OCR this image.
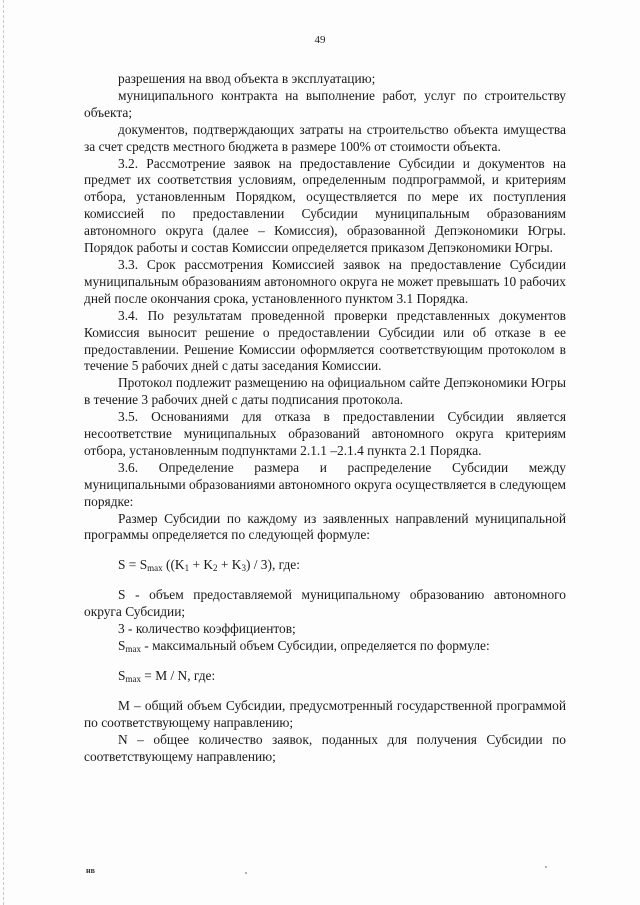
49

разрешения на ввод объекта в эксплуатацию;

муниципального контракта на выполнение работ, услуг по строительству объекта;

документов, подтверждающих затраты на строительство объекта имущества за счет средств местного бюджета в размере 100% от стоимости объекта.

3.2. Рассмотрение заявок на предоставление Субсидии и документов на предмет их соответствия условиям, определенным подпрограммой, и критериям отбора, установленным Порядком, осуществляется по мере их поступления комиссией по предоставлении Субсидии муниципальным образованиям автономного округа (далее – Комиссия), образованной Депэкономики Югры. Порядок работы и состав Комиссии определяется приказом Депэкономики Югры.

3.3. Срок рассмотрения Комиссией заявок на предоставление Субсидии муниципальным образованиям автономного округа не может превышать 10 рабочих дней после окончания срока, установленного пунктом 3.1 Порядка.

3.4. По результатам проведенной проверки представленных документов Комиссия выносит решение о предоставлении Субсидии или об отказе в ее предоставлении. Решение Комиссии оформляется соответствующим протоколом в течение 5 рабочих дней с даты заседания Комиссии.

Протокол подлежит размещению на официальном сайте Депэкономики Югры в течение 3 рабочих дней с даты подписания протокола.

3.5. Основаниями для отказа в предоставлении Субсидии является несоответствие муниципальных образований автономного округа критериям отбора, установленным подпунктами 2.1.1 –2.1.4 пункта 2.1 Порядка.

3.6. Определение размера и распределение Субсидии между муниципальными образованиями автономного округа осуществляется в следующем порядке:

Размер Субсидии по каждому из заявленных направлений муниципальной программы определяется по следующей формуле:

$S = S_{max}$ $((K_1 + K_2 + K_3) / 3)$, где:

S - объем предоставляемой муниципальному образованию автономного округа Субсидии;

3 - количество коэффициентов;

$S_{max}$ - максимальный объем Субсидии, определяется по формуле:

$S_{max} = M / N$, где:

M – общий объем Субсидии, предусмотренный государственной программой по соответствующему направлению;

N – общее количество заявок, поданных для получения Субсидии по соответствующему направлению;

нв
